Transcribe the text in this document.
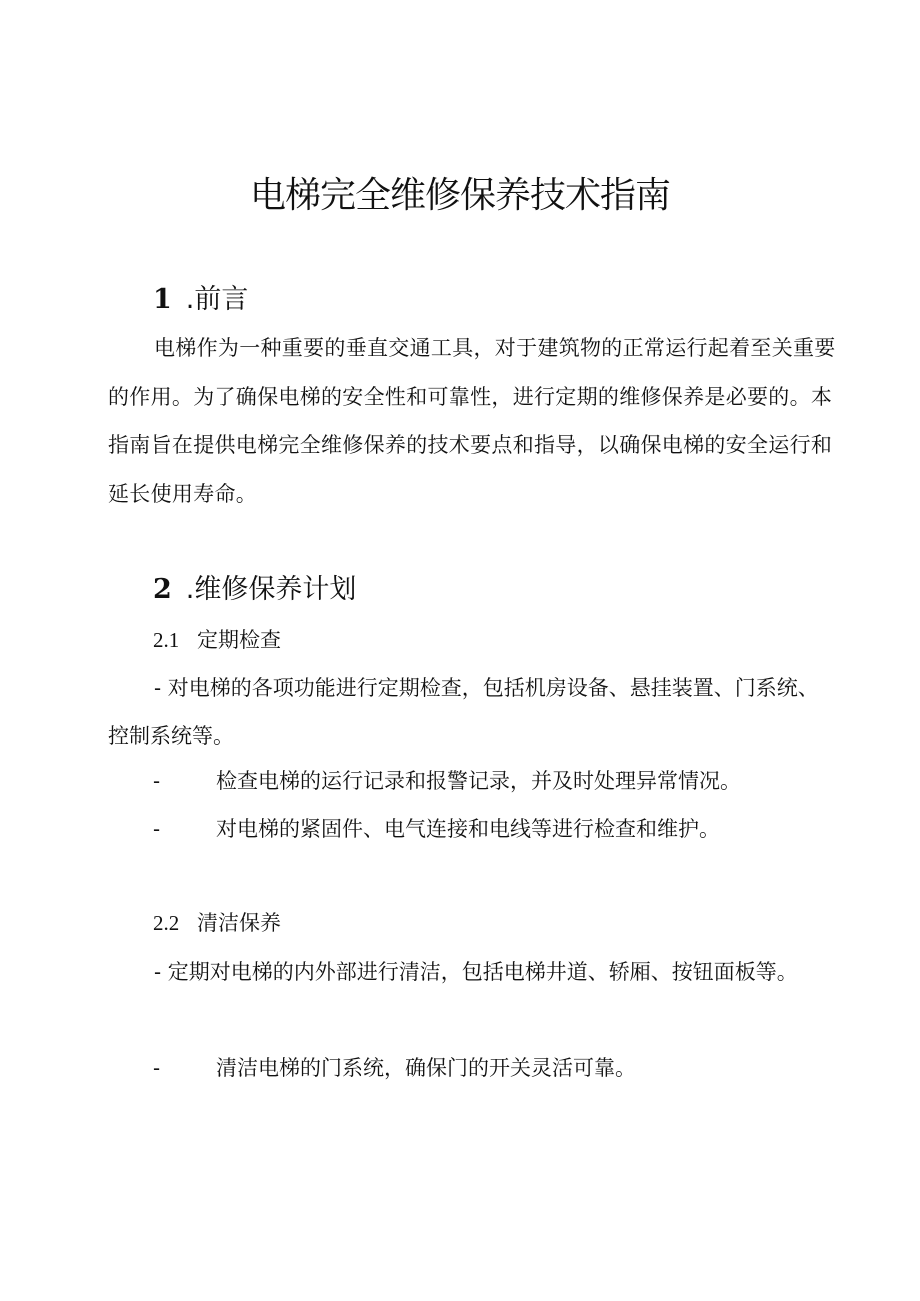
电梯完全维修保养技术指南
1 .前言

电梯作为一种重要的垂直交通工具，对于建筑物的正常运行起着至关重要的作用。为了确保电梯的安全性和可靠性，进行定期的维修保养是必要的。本指南旨在提供电梯完全维修保养的技术要点和指导，以确保电梯的安全运行和延长使用寿命。

2 .维修保养计划

2.1 定期检查

- 对电梯的各项功能进行定期检查，包括机房设备、悬挂装置、门系统、控制系统等。

-	检查电梯的运行记录和报警记录，并及时处理异常情况。

-	对电梯的紧固件、电气连接和电线等进行检查和维护。

2.2 清洁保养

- 定期对电梯的内外部进行清洁，包括电梯井道、轿厢、按钮面板等。

-	清洁电梯的门系统，确保门的开关灵活可靠。
